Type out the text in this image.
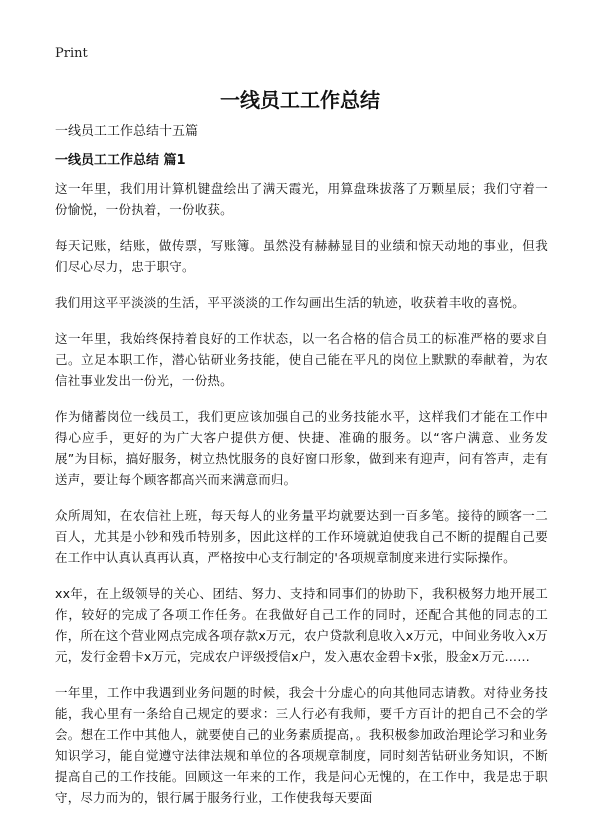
Print
一线员工工作总结

一线员工工作总结十五篇

一线员工工作总结 篇1

这一年里，我们用计算机键盘绘出了满天霞光，用算盘珠拔落了万颗星辰；我们守着一份愉悦，一份执着，一份收获。

每天记账，结账，做传票，写账簿。虽然没有赫赫显目的业绩和惊天动地的事业，但我们尽心尽力，忠于职守。

我们用这平平淡淡的生活，平平淡淡的工作勾画出生活的轨迹，收获着丰收的喜悦。

这一年里，我始终保持着良好的工作状态，以一名合格的信合员工的标准严格的要求自己。立足本职工作，潜心钻研业务技能，使自己能在平凡的岗位上默默的奉献着，为农信社事业发出一份光，一份热。

作为储蓄岗位一线员工，我们更应该加强自己的业务技能水平，这样我们才能在工作中得心应手，更好的为广大客户提供方便、快捷、准确的服务。以“客户满意、业务发展”为目标，搞好服务，树立热忱服务的良好窗口形象，做到来有迎声，问有答声，走有送声，要让每个顾客都高兴而来满意而归。

众所周知，在农信社上班，每天每人的业务量平均就要达到一百多笔。接待的顾客一二百人，尤其是小钞和残币特别多，因此这样的工作环境就迫使我自己不断的提醒自己要在工作中认真认真再认真，严格按中心支行制定的'各项规章制度来进行实际操作。

xx年，在上级领导的关心、团结、努力、支持和同事们的协助下，我积极努力地开展工作，较好的完成了各项工作任务。在我做好自己工作的同时，还配合其他的同志的工作，所在这个营业网点完成各项存款x万元，农户贷款利息收入x万元，中间业务收入x万元，发行金碧卡x万元，完成农户评级授信x户，发入惠农金碧卡x张，股金x万元……

一年里，工作中我遇到业务问题的时候，我会十分虚心的向其他同志请教。对待业务技能，我心里有一条给自己规定的要求：三人行必有我师，要千方百计的把自己不会的学会。想在工作中其他人，就要使自己的业务素质提高，。我积极参加政治理论学习和业务知识学习，能自觉遵守法律法规和单位的各项规章制度，同时刻苦钻研业务知识，不断提高自己的工作技能。回顾这一年来的工作，我是问心无愧的，在工作中，我是忠于职守，尽力而为的，银行属于服务行业，工作使我每天要面
